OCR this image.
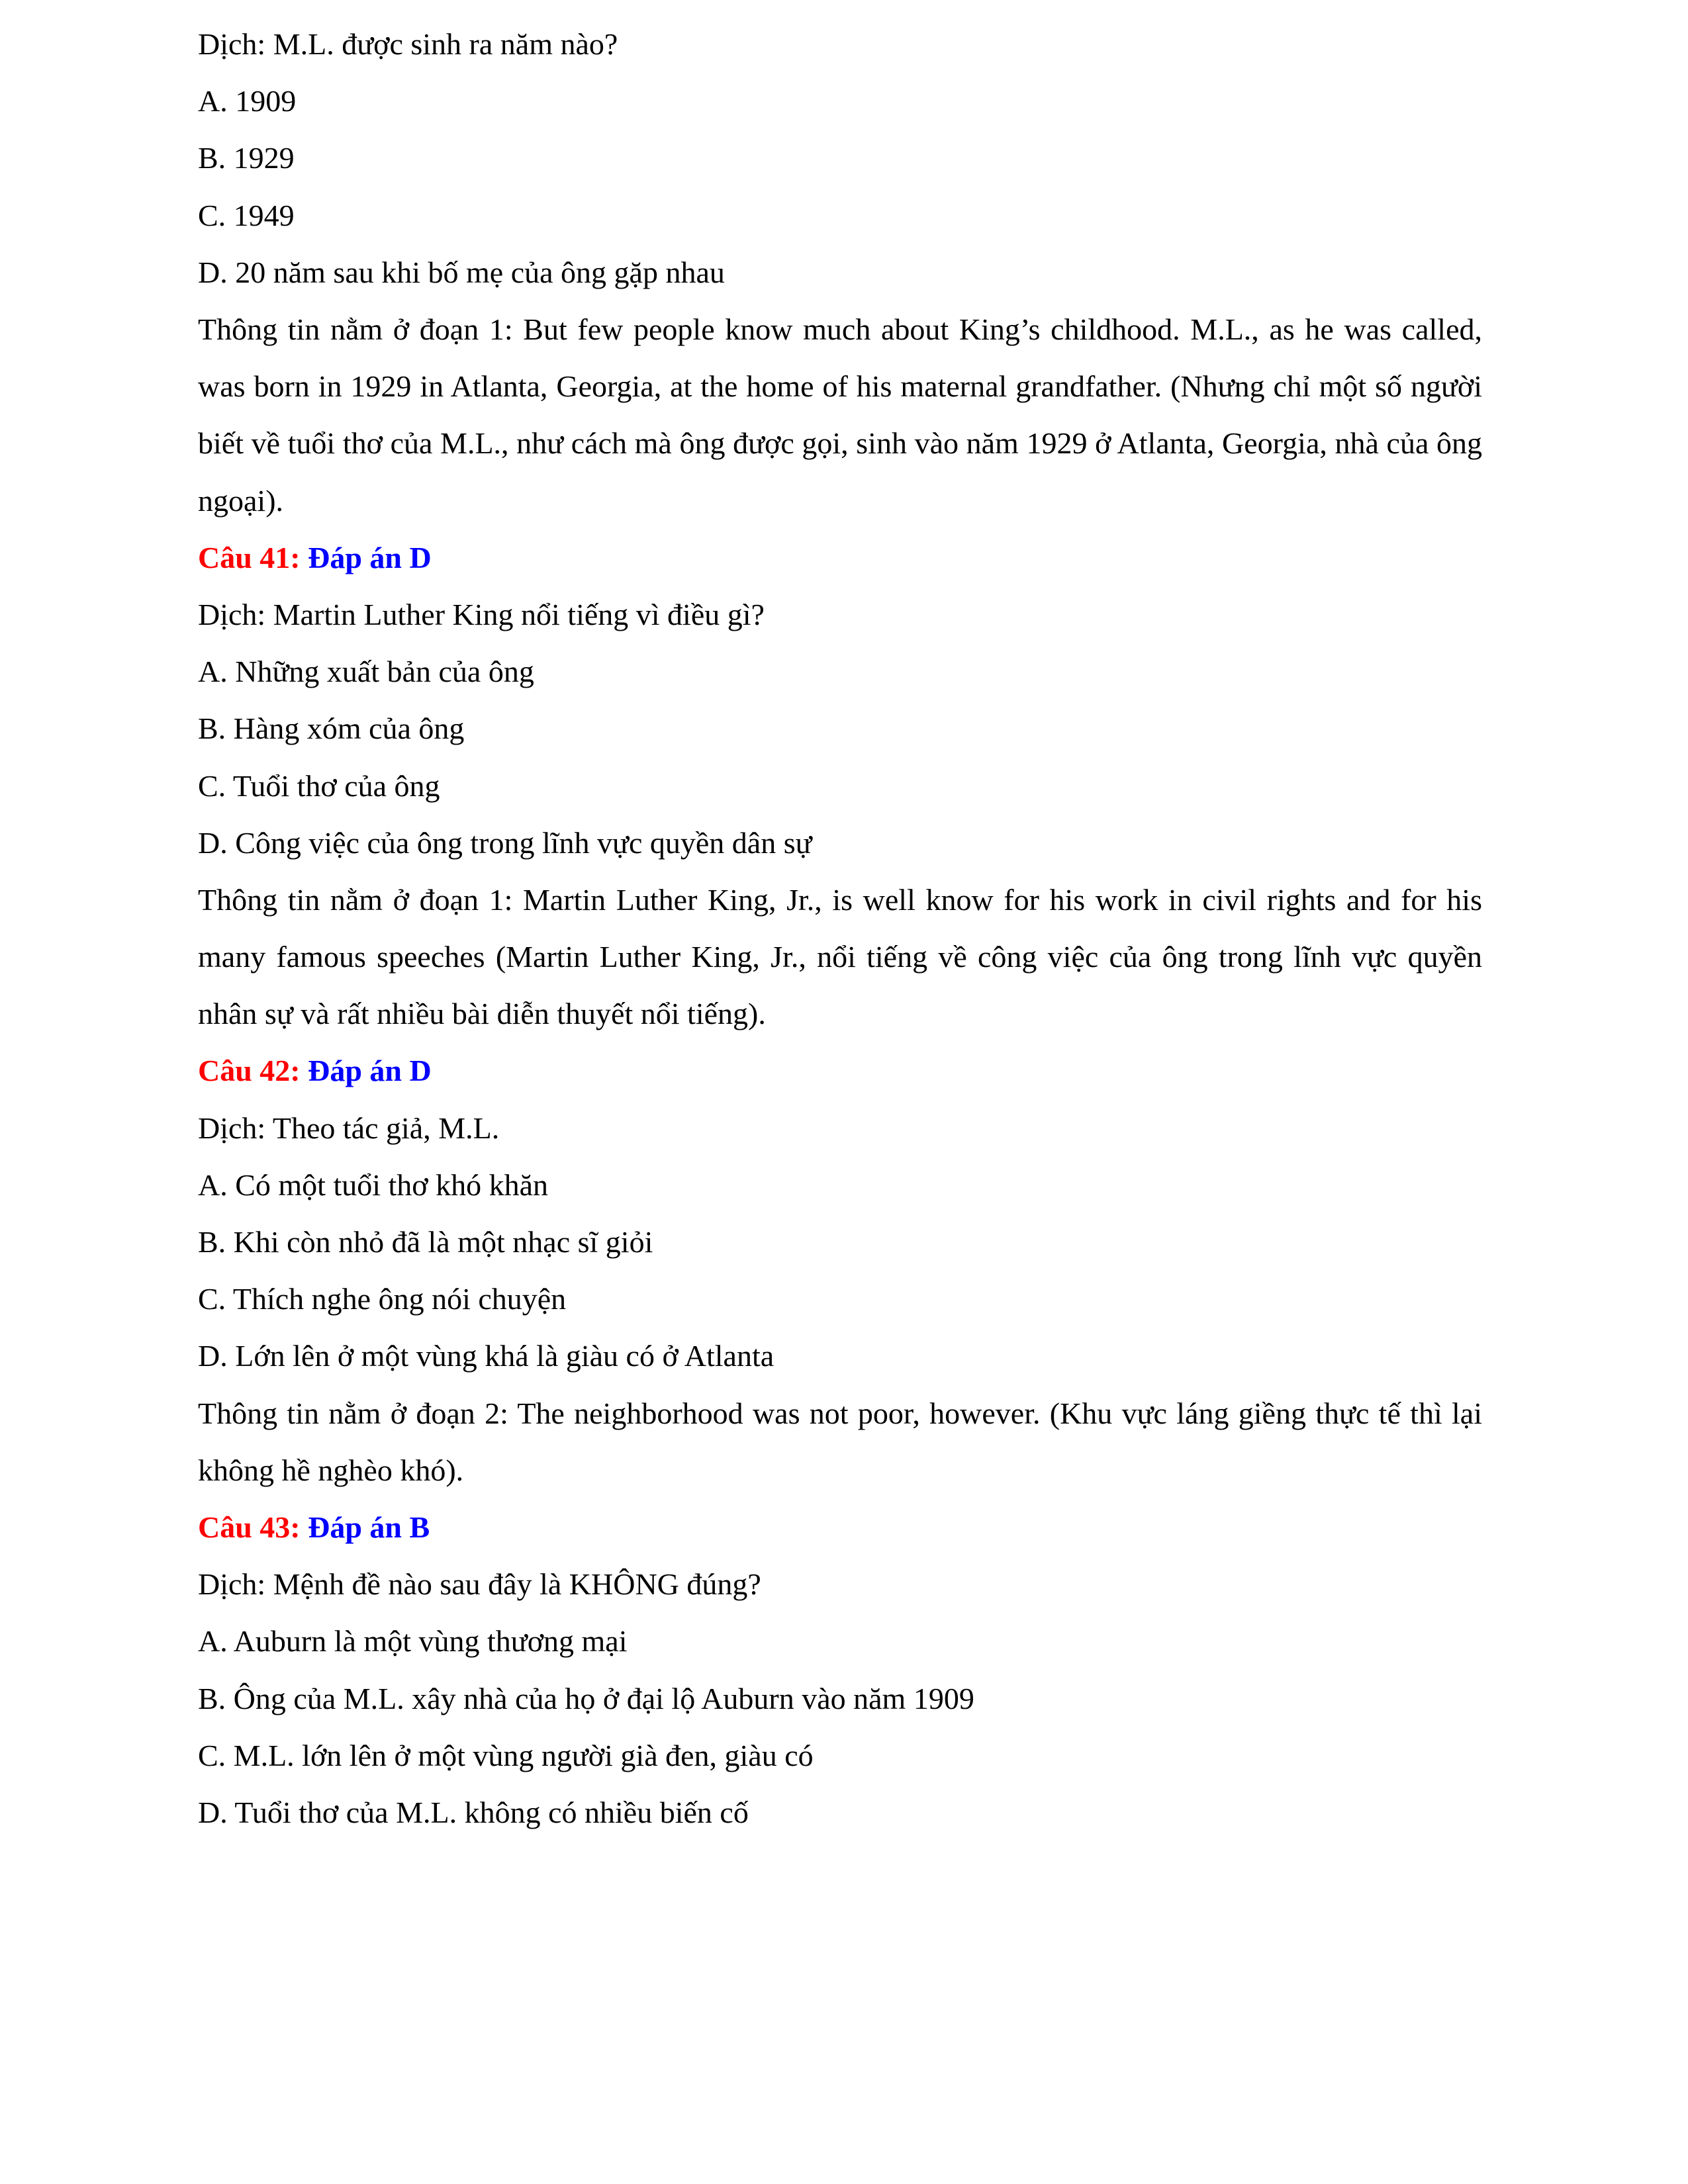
Dịch: M.L. được sinh ra năm nào?
A. 1909
B. 1929
C. 1949
D. 20 năm sau khi bố mẹ của ông gặp nhau
Thông tin nằm ở đoạn 1: But few people know much about King’s childhood. M.L., as he was called, was born in 1929 in Atlanta, Georgia, at the home of his maternal grandfather. (Nhưng chỉ một số người biết về tuổi thơ của M.L., như cách mà ông được gọi, sinh vào năm 1929 ở Atlanta, Georgia, nhà của ông ngoại).
Câu 41: Đáp án D
Dịch: Martin Luther King nổi tiếng vì điều gì?
A. Những xuất bản của ông
B. Hàng xóm của ông
C. Tuổi thơ của ông
D. Công việc của ông trong lĩnh vực quyền dân sự
Thông tin nằm ở đoạn 1: Martin Luther King, Jr., is well know for his work in civil rights and for his many famous speeches (Martin Luther King, Jr., nổi tiếng về công việc của ông trong lĩnh vực quyền nhân sự và rất nhiều bài diễn thuyết nổi tiếng).
Câu 42: Đáp án D
Dịch: Theo tác giả, M.L.
A. Có một tuổi thơ khó khăn
B. Khi còn nhỏ đã là một nhạc sĩ giỏi
C. Thích nghe ông nói chuyện
D. Lớn lên ở một vùng khá là giàu có ở Atlanta
Thông tin nằm ở đoạn 2: The neighborhood was not poor, however. (Khu vực láng giềng thực tế thì lại không hề nghèo khó).
Câu 43: Đáp án B
Dịch: Mệnh đề nào sau đây là KHÔNG đúng?
A. Auburn là một vùng thương mại
B. Ông của M.L. xây nhà của họ ở đại lộ Auburn vào năm 1909
C. M.L. lớn lên ở một vùng người già đen, giàu có
D. Tuổi thơ của M.L. không có nhiều biến cố
